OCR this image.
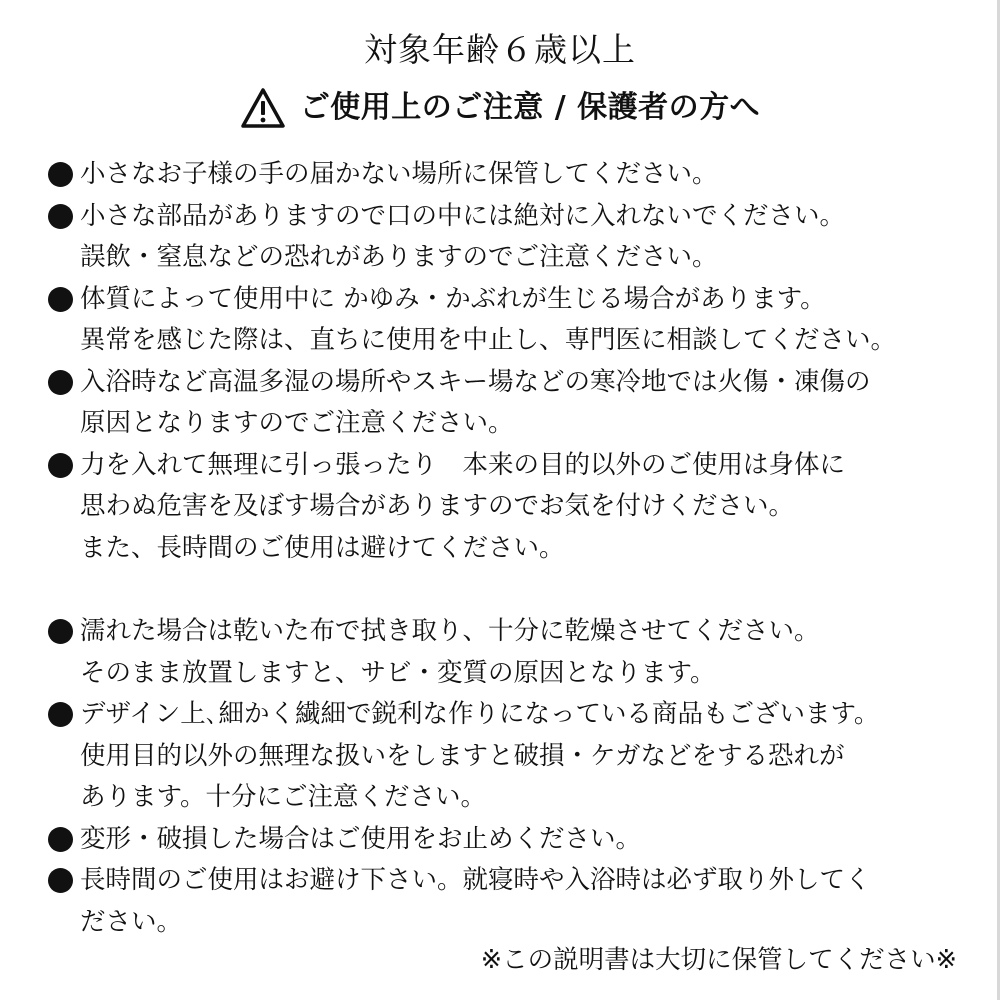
対象年齢６歳以上
ご使用上のご注意 / 保護者の方へ
小さなお子様の手の届かない場所に保管してください。
小さな部品がありますので口の中には絶対に入れないでください。
誤飲・窒息などの恐れがありますのでご注意ください。
体質によって使用中に かゆみ・かぶれが生じる場合があります。
異常を感じた際は、直ちに使用を中止し、専門医に相談してください。
入浴時など高温多湿の場所やスキー場などの寒冷地では火傷・凍傷の
原因となりますのでご注意ください。
力を入れて無理に引っ張ったり　本来の目的以外のご使用は身体に
思わぬ危害を及ぼす場合がありますのでお気を付けください。
また、長時間のご使用は避けてください。
濡れた場合は乾いた布で拭き取り、十分に乾燥させてください。
そのまま放置しますと、サビ・変質の原因となります。
デザイン上､細かく繊細で鋭利な作りになっている商品もございます。
使用目的以外の無理な扱いをしますと破損・ケガなどをする恐れが
あります。十分にご注意ください。
変形・破損した場合はご使用をお止めください。
長時間のご使用はお避け下さい。就寝時や入浴時は必ず取り外してく
ださい。
※この説明書は大切に保管してください※
